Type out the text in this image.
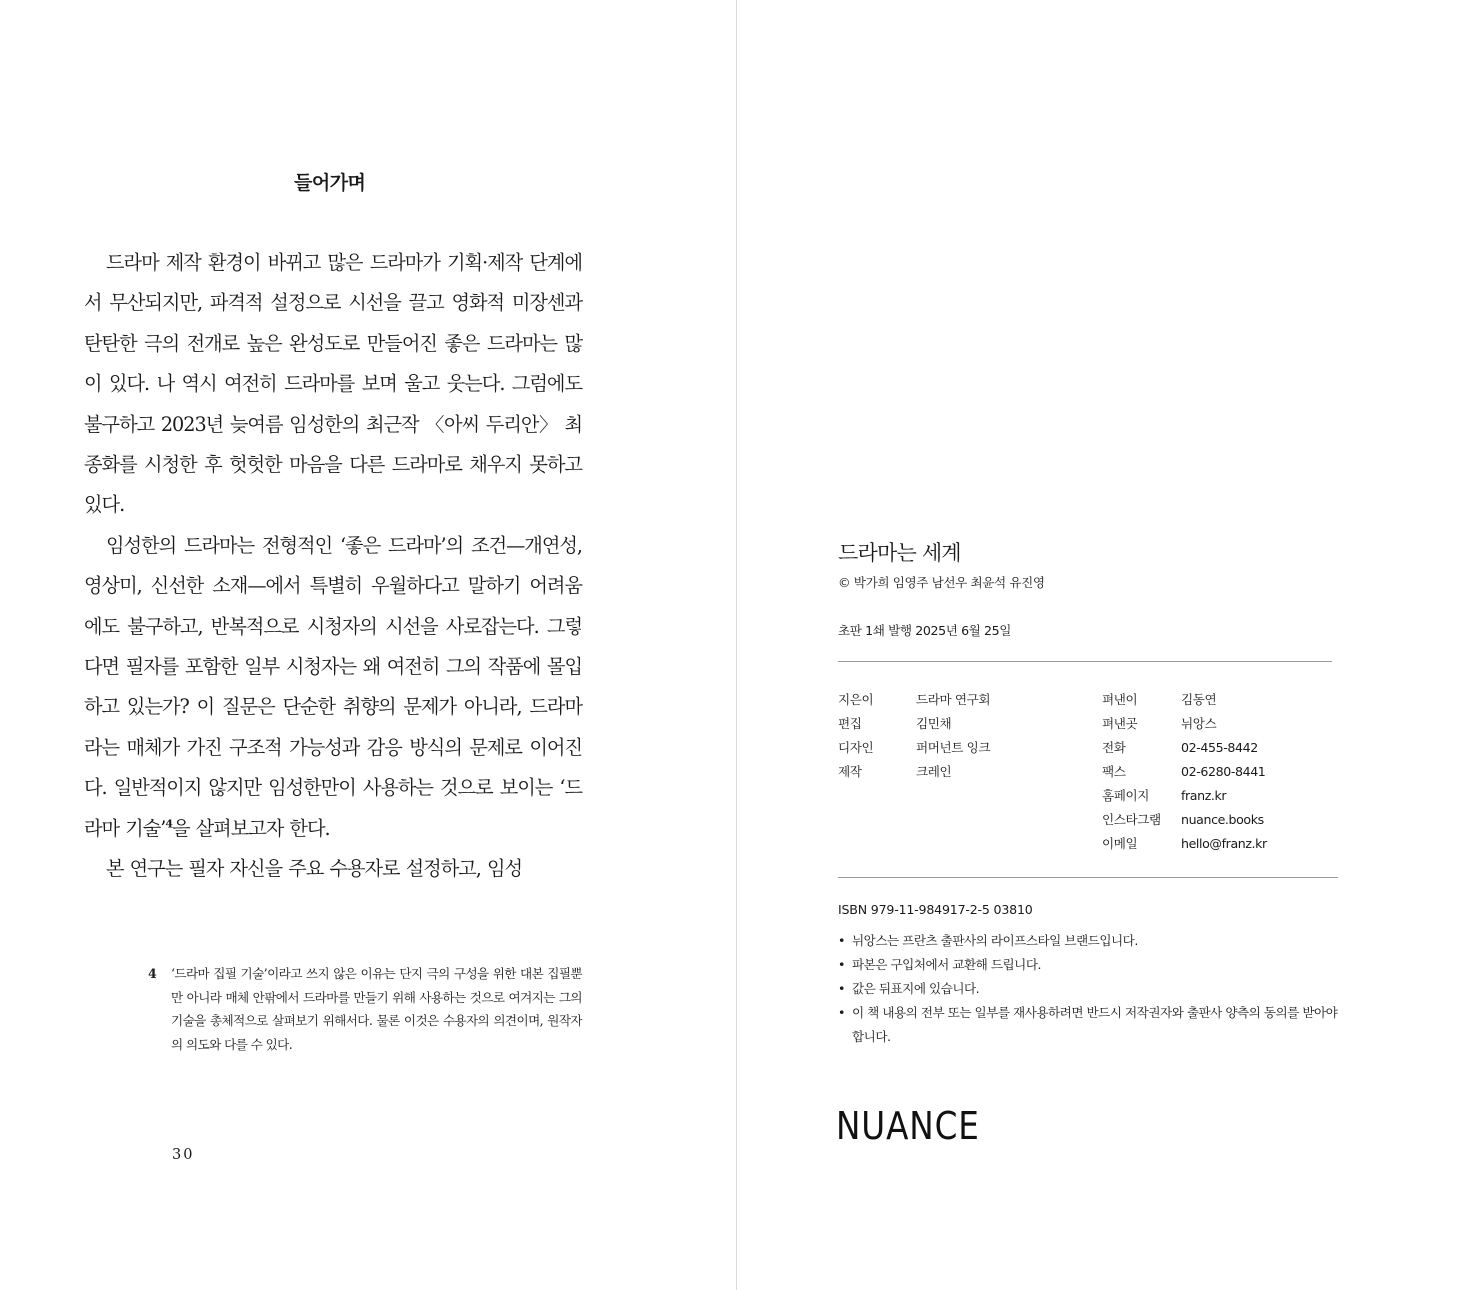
들어가며

드라마 제작 환경이 바뀌고 많은 드라마가 기획·제작 단계에서 무산되지만, 파격적 설정으로 시선을 끌고 영화적 미장센과 탄탄한 극의 전개로 높은 완성도로 만들어진 좋은 드라마는 많이 있다. 나 역시 여전히 드라마를 보며 울고 웃는다. 그럼에도 불구하고 2023년 늦여름 임성한의 최근작 〈아씨 두리안〉 최종화를 시청한 후 헛헛한 마음을 다른 드라마로 채우지 못하고 있다.

임성한의 드라마는 전형적인 ‘좋은 드라마’의 조건—개연성, 영상미, 신선한 소재—에서 특별히 우월하다고 말하기 어려움에도 불구하고, 반복적으로 시청자의 시선을 사로잡는다. 그렇다면 필자를 포함한 일부 시청자는 왜 여전히 그의 작품에 몰입하고 있는가? 이 질문은 단순한 취향의 문제가 아니라, 드라마라는 매체가 가진 구조적 가능성과 감응 방식의 문제로 이어진다. 일반적이지 않지만 임성한만이 사용하는 것으로 보이는 ‘드라마 기술’$^4$을 살펴보고자 한다.

본 연구는 필자 자신을 주요 수용자로 설정하고, 임성

4 ‘드라마 집필 기술’이라고 쓰지 않은 이유는 단지 극의 구성을 위한 대본 집필뿐만 아니라 매체 안팎에서 드라마를 만들기 위해 사용하는 것으로 여겨지는 그의 기술을 총체적으로 살펴보기 위해서다. 물론 이것은 수용자의 의견이며, 원작자의 의도와 다를 수 있다.
30
드라마는 세계
© 박가희 임영주 남선우 최윤석 유진영
초판 1쇄 발행 2025년 6월 25일
지은이	드라마 연구회
편집	김민채
디자인	퍼머넌트 잉크
제작	크레인
펴낸이	김동연
펴낸곳	뉘앙스
전화	02-455-8442
팩스	02-6280-8441
홈페이지	franz.kr
인스타그램	nuance.books
이메일	hello@franz.kr
ISBN 979-11-984917-2-5 03810
• 뉘앙스는 프란츠 출판사의 라이프스타일 브랜드입니다.
• 파본은 구입처에서 교환해 드립니다.
• 값은 뒤표지에 있습니다.
• 이 책 내용의 전부 또는 일부를 재사용하려면 반드시 저작권자와 출판사 양측의 동의를 받아야 합니다.
NUANCE
